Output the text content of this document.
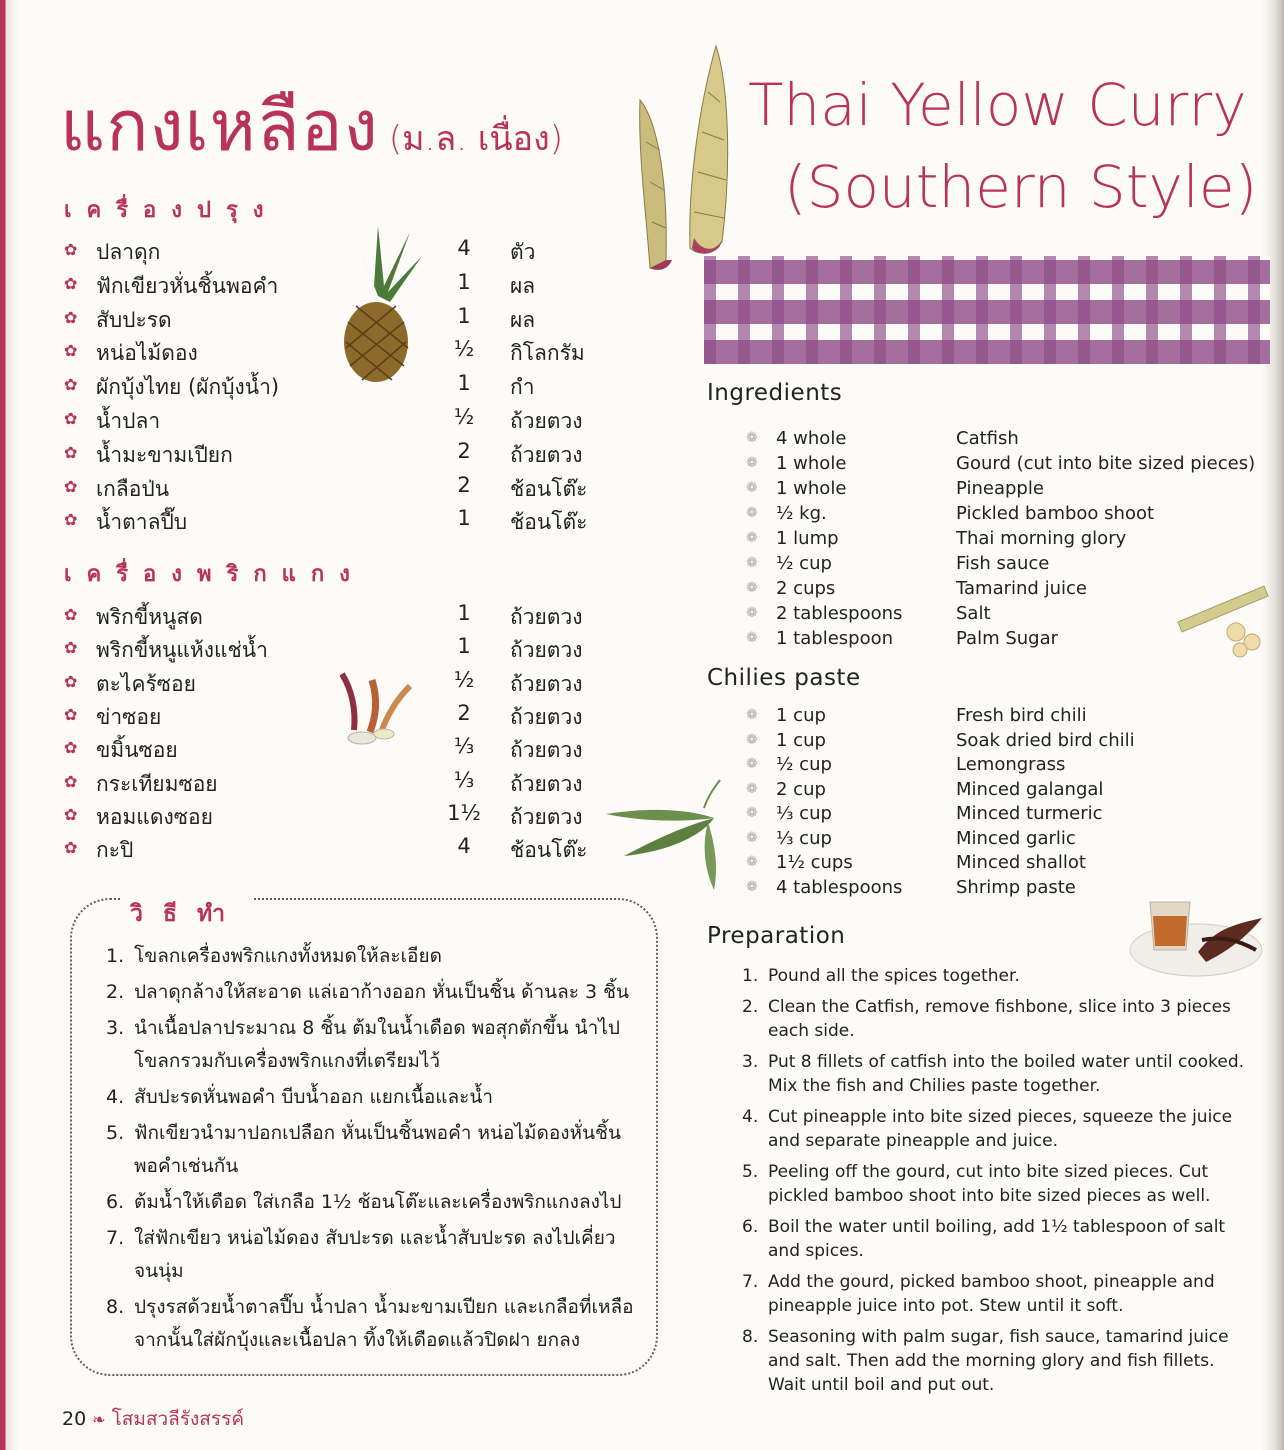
แกงเหลือง (ม.ล. เนื่อง)	Thai Yellow Curry
(Southern Style)
เครื่องปรุง
✿ ปลาดุก	4	ตัว
✿ ฟักเขียวหั่นชิ้นพอคำ	1	ผล
✿ สับปะรด	1	ผล
✿ หน่อไม้ดอง	½	กิโลกรัม
✿ ผักบุ้งไทย (ผักบุ้งน้ำ)	1	กำ
✿ น้ำปลา	½	ถ้วยตวง
✿ น้ำมะขามเปียก	2	ถ้วยตวง
✿ เกลือป่น	2	ช้อนโต๊ะ
✿ น้ำตาลปี๊บ	1	ช้อนโต๊ะ
เครื่องพริกแกง
✿ พริกขี้หนูสด	1	ถ้วยตวง
✿ พริกขี้หนูแห้งแช่น้ำ	1	ถ้วยตวง
✿ ตะไคร้ซอย	½	ถ้วยตวง
✿ ข่าซอย	2	ถ้วยตวง
✿ ขมิ้นซอย	⅓	ถ้วยตวง
✿ กระเทียมซอย	⅓	ถ้วยตวง
✿ หอมแดงซอย	1½ ถ้วยตวง
✿ กะปิ	4	ช้อนโต๊ะ
วิธีทำ
1. โขลกเครื่องพริกแกงทั้งหมดให้ละเอียด
2. ปลาดุกล้างให้สะอาด แล่เอาก้างออก หั่นเป็นชิ้น ด้านละ 3 ชิ้น
3. นำเนื้อปลาประมาณ 8 ชิ้น ต้มในน้ำเดือด พอสุกตักขึ้น นำไปโขลกรวมกับเครื่องพริกแกงที่เตรียมไว้
4. สับปะรดหั่นพอคำ บีบน้ำออก แยกเนื้อและน้ำ
5. ฟักเขียวนำมาปอกเปลือก หั่นเป็นชิ้นพอคำ หน่อไม้ดองหั่นชิ้นพอคำเช่นกัน
6. ต้มน้ำให้เดือด ใส่เกลือ 1½ ช้อนโต๊ะและเครื่องพริกแกงลงไป
7. ใส่ฟักเขียว หน่อไม้ดอง สับปะรด และน้ำสับปะรด ลงไปเคี่ยวจนนุ่ม
8. ปรุงรสด้วยน้ำตาลปี๊บ น้ำปลา น้ำมะขามเปียก และเกลือที่เหลือ จากนั้นใส่ผักบุ้งและเนื้อปลา ทิ้งให้เดือดแล้วปิดฝา ยกลง
Ingredients
❁ 4 whole	Catfish
❁ 1 whole	Gourd (cut into bite sized pieces)
❁ 1 whole	Pineapple
❁ ½ kg.	Pickled bamboo shoot
❁ 1 lump	Thai morning glory
❁ ½ cup	Fish sauce
❁ 2 cups	Tamarind juice
❁ 2 tablespoons	Salt
❁ 1 tablespoon	Palm Sugar
Chilies paste
❁ 1 cup	Fresh bird chili
❁ 1 cup	Soak dried bird chili
❁ ½ cup	Lemongrass
❁ 2 cup	Minced galangal
❁ ⅓ cup	Minced turmeric
❁ ⅓ cup	Minced garlic
❁ 1½ cups	Minced shallot
❁ 4 tablespoons	Shrimp paste
Preparation
1. Pound all the spices together.
2. Clean the Catfish, remove fishbone, slice into 3 pieces each side.
3. Put 8 fillets of catfish into the boiled water until cooked. Mix the fish and Chilies paste together.
4. Cut pineapple into bite sized pieces, squeeze the juice and separate pineapple and juice.
5. Peeling off the gourd, cut into bite sized pieces. Cut pickled bamboo shoot into bite sized pieces as well.
6. Boil the water until boiling, add 1½ tablespoon of salt and spices.
7. Add the gourd, picked bamboo shoot, pineapple and pineapple juice into pot. Stew until it soft.
8. Seasoning with palm sugar, fish sauce, tamarind juice and salt. Then add the morning glory and fish fillets. Wait until boil and put out.
20 ❧ โสมสวลีรังสรรค์
